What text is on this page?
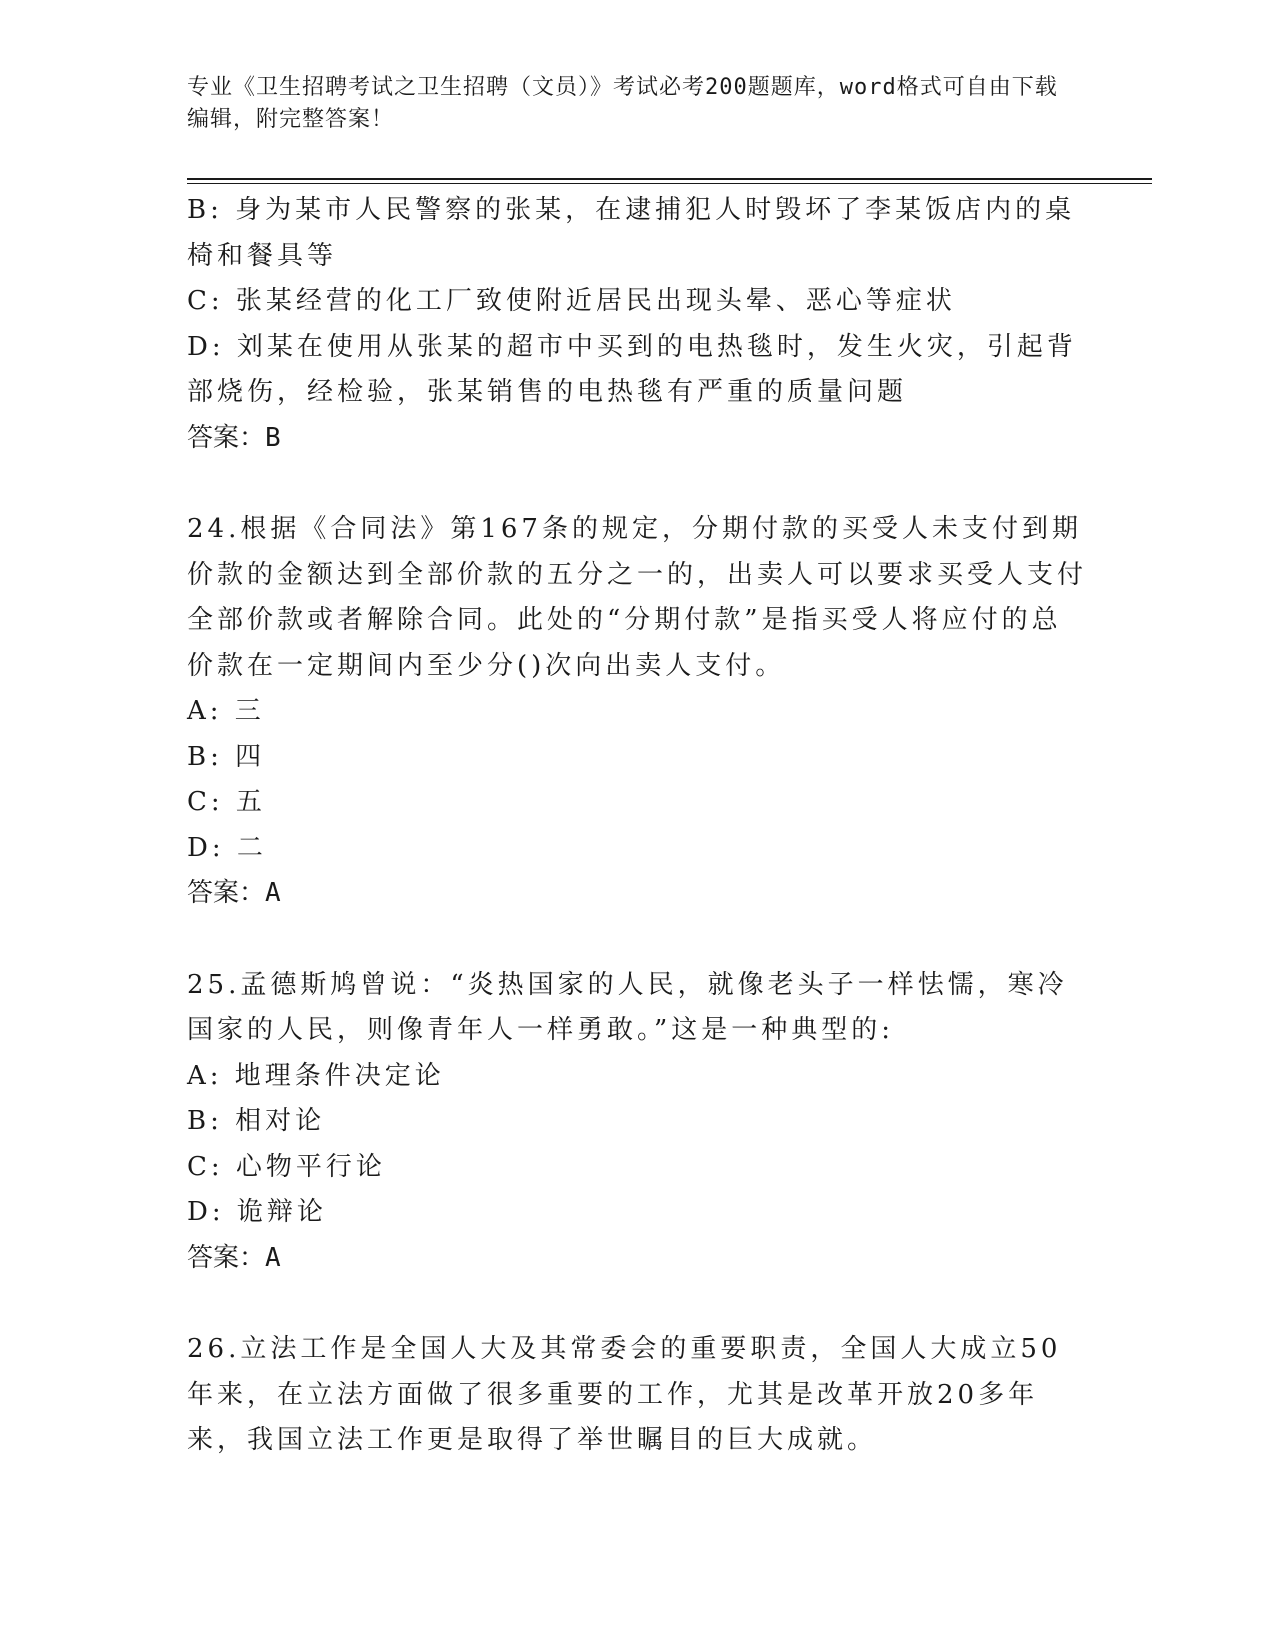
专业《卫生招聘考试之卫生招聘（文员）》考试必考200题题库，word格式可自由下载编辑，附完整答案！

B: 身为某市人民警察的张某，在逮捕犯人时毁坏了李某饭店内的桌椅和餐具等

C: 张某经营的化工厂致使附近居民出现头晕、恶心等症状

D: 刘某在使用从张某的超市中买到的电热毯时，发生火灾，引起背部烧伤，经检验，张某销售的电热毯有严重的质量问题

答案：B

24.根据《合同法》第167条的规定，分期付款的买受人未支付到期价款的金额达到全部价款的五分之一的，出卖人可以要求买受人支付全部价款或者解除合同。此处的“分期付款”是指买受人将应付的总价款在一定期间内至少分()次向出卖人支付。

A: 三

B: 四

C: 五

D: 二

答案：A

25.孟德斯鸠曾说：“炎热国家的人民，就像老头子一样怯懦，寒冷国家的人民，则像青年人一样勇敢。”这是一种典型的:

A: 地理条件决定论

B: 相对论

C: 心物平行论

D: 诡辩论

答案：A

26.立法工作是全国人大及其常委会的重要职责，全国人大成立50年来，在立法方面做了很多重要的工作，尤其是改革开放20多年来，我国立法工作更是取得了举世瞩目的巨大成就。
